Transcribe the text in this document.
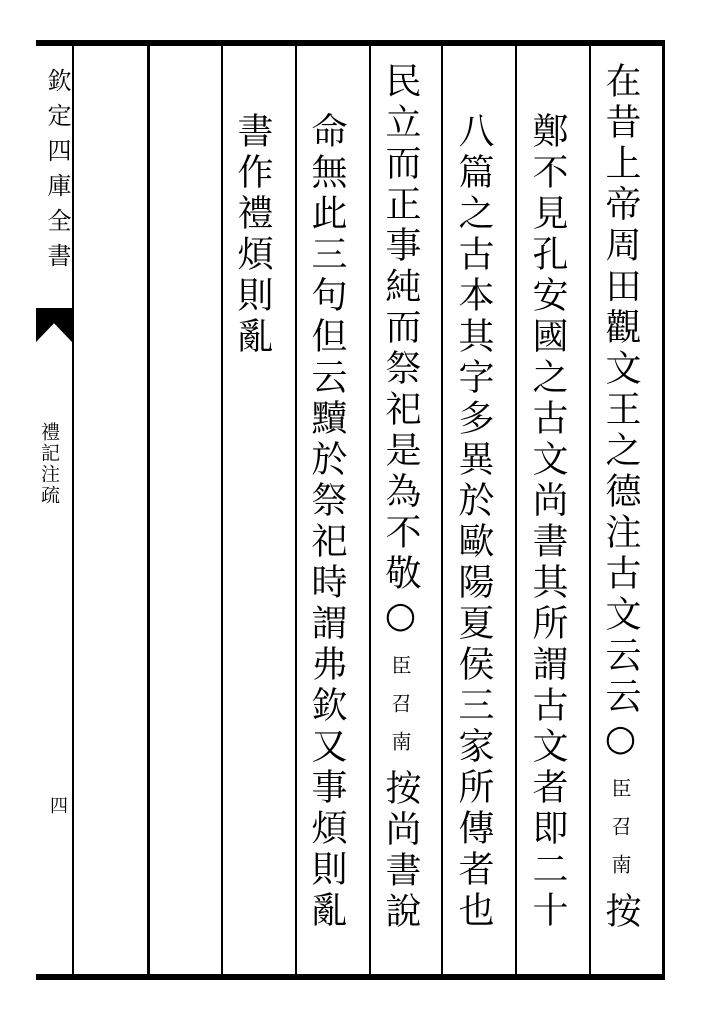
欽定四庫全書
禮記注疏
四
在昔上帝周田觀文王之德注古文云云○臣召南按
鄭不見孔安國之古文尚書其所謂古文者即二十
八篇之古本其字多異於歐陽夏侯三家所傳者也
民立而正事純而祭祀是為不敬○臣召南按尚書說
命無此三句但云黷於祭祀時謂弗欽又事煩則亂
書作禮煩則亂
